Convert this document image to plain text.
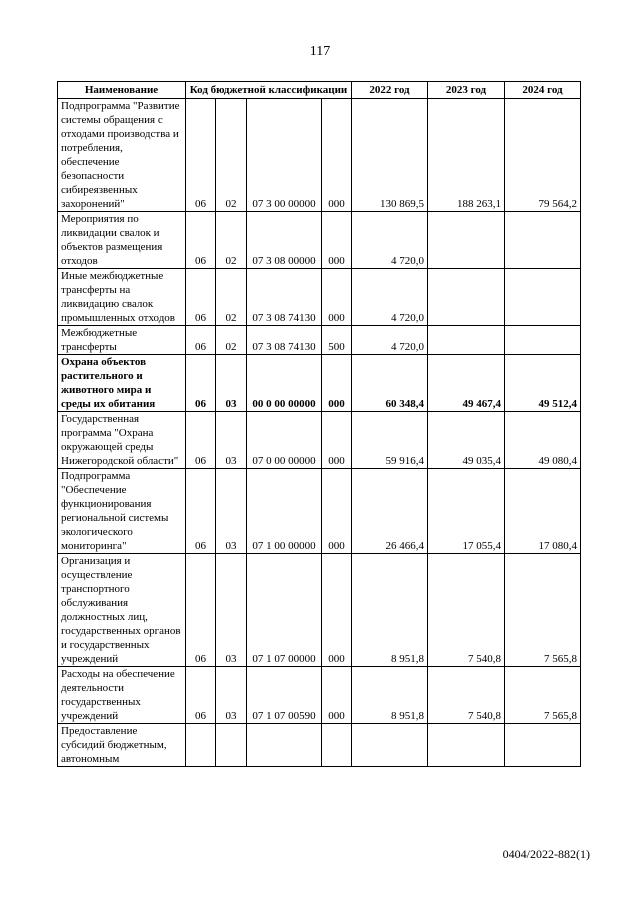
117
Наименование	Код бюджетной классификации				2022 год	2023 год	2024 год
Подпрограмма "Развитие системы обращения с отходами производства и потребления, обеспечение безопасности сибиреязвенных захоронений"	06	02	07 3 00 00000	000	130 869,5	188 263,1	79 564,2
Мероприятия по ликвидации свалок и объектов размещения отходов	06	02	07 3 08 00000	000	4 720,0		
Иные межбюджетные трансферты на ликвидацию свалок промышленных отходов	06	02	07 3 08 74130	000	4 720,0		
Межбюджетные трансферты	06	02	07 3 08 74130	500	4 720,0		
Охрана объектов растительного и животного мира и среды их обитания	06	03	00 0 00 00000	000	60 348,4	49 467,4	49 512,4
Государственная программа "Охрана окружающей среды Нижегородской области"	06	03	07 0 00 00000	000	59 916,4	49 035,4	49 080,4
Подпрограмма "Обеспечение функционирования региональной системы экологического мониторинга"	06	03	07 1 00 00000	000	26 466,4	17 055,4	17 080,4
Организация и осуществление транспортного обслуживания должностных лиц, государственных органов и государственных учреждений	06	03	07 1 07 00000	000	8 951,8	7 540,8	7 565,8
Расходы на обеспечение деятельности государственных учреждений	06	03	07 1 07 00590	000	8 951,8	7 540,8	7 565,8
Предоставление субсидий бюджетным, автономным							
0404/2022-882(1)
